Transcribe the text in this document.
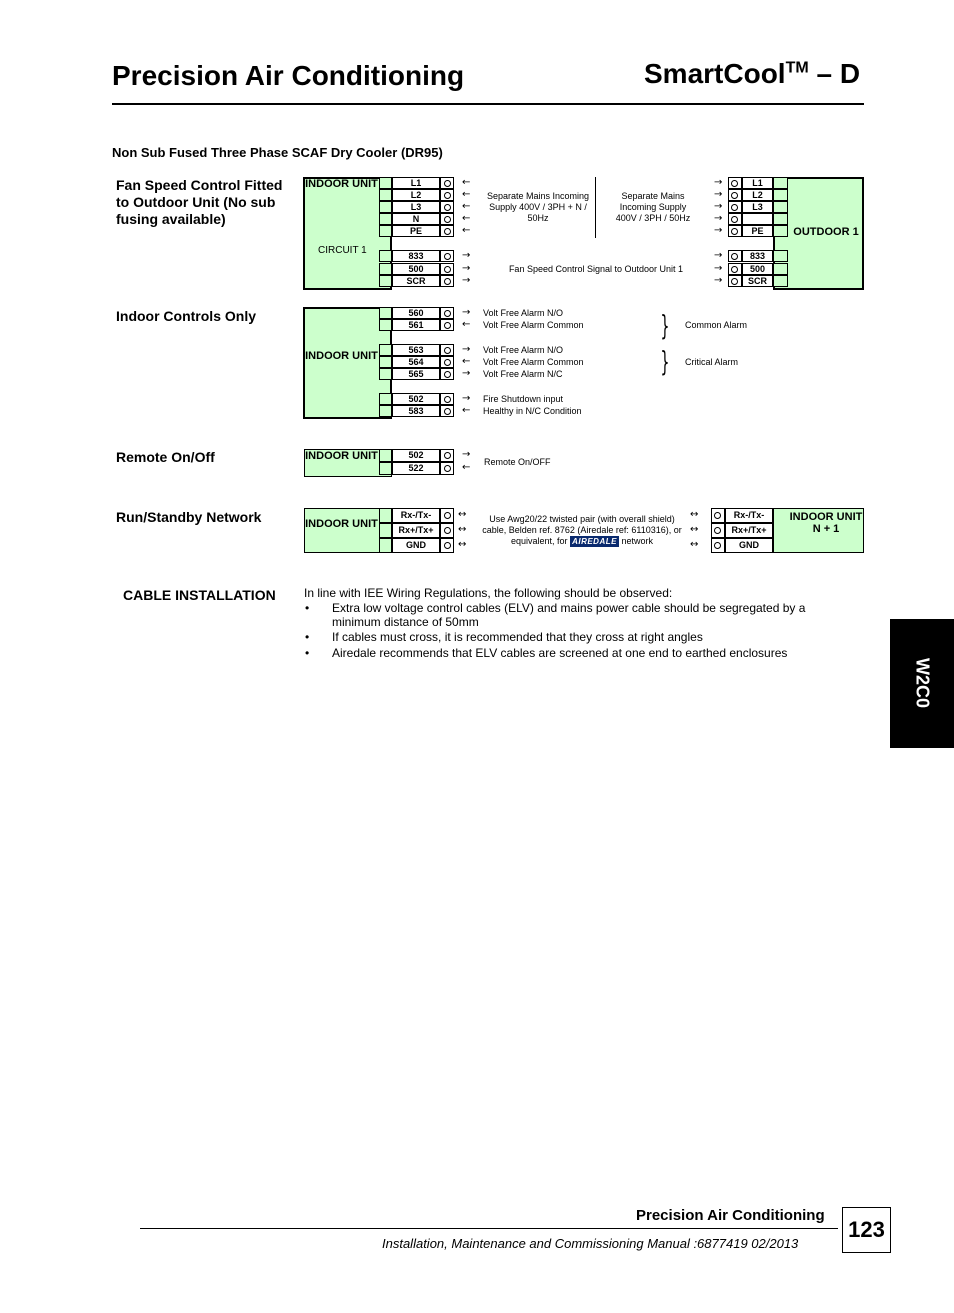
Precision Air Conditioning	SmartCool™ – D
Non Sub Fused Three Phase SCAF Dry Cooler (DR95)
Fan Speed Control Fitted to Outdoor Unit (No sub fusing available)
INDOOR UNIT
CIRCUIT 1
L1	←
L2	←
L3	←
N	←
PE	←
833	→
500	→
SCR	→
Separate Mains Incoming Supply 400V / 3PH + N / 50Hz
Separate Mains Incoming Supply 400V / 3PH / 50Hz
Fan Speed Control Signal to Outdoor Unit 1
OUTDOOR 1
→	L1
→	L2
→	L3
→
→	PE
→	833
→	500
→	SCR
Indoor Controls Only
INDOOR UNIT
560	→ Volt Free Alarm N/O
561	← Volt Free Alarm Common
563	→ Volt Free Alarm N/O
564	← Volt Free Alarm Common
565	→ Volt Free Alarm N/C
502	→ Fire Shutdown input
583	← Healthy in N/C Condition
} Common Alarm
} Critical Alarm
Remote On/Off	INDOOR UNIT	502	→
522	← Remote On/OFF
Run/Standby Network	INDOOR UNIT
Rx-/Tx-	↔
Rx+/Tx+	↔
GND	↔
Use Awg20/22 twisted pair (with overall shield) cable, Belden ref. 8762 (Airedale ref: 6110316), or equivalent, for AIREDALE network
INDOOR UNIT N + 1
↔	Rx-/Tx-
↔	Rx+/Tx+
↔	GND
CABLE INSTALLATION In line with IEE Wiring Regulations, the following should be observed:
• Extra low voltage control cables (ELV) and mains power cable should be segregated by a minimum distance of 50mm
• If cables must cross, it is recommended that they cross at right angles
• Airedale recommends that ELV cables are screened at one end to earthed enclosures
W2C0
Precision Air Conditioning
Installation, Maintenance and Commissioning Manual :6877419 02/2013
123
